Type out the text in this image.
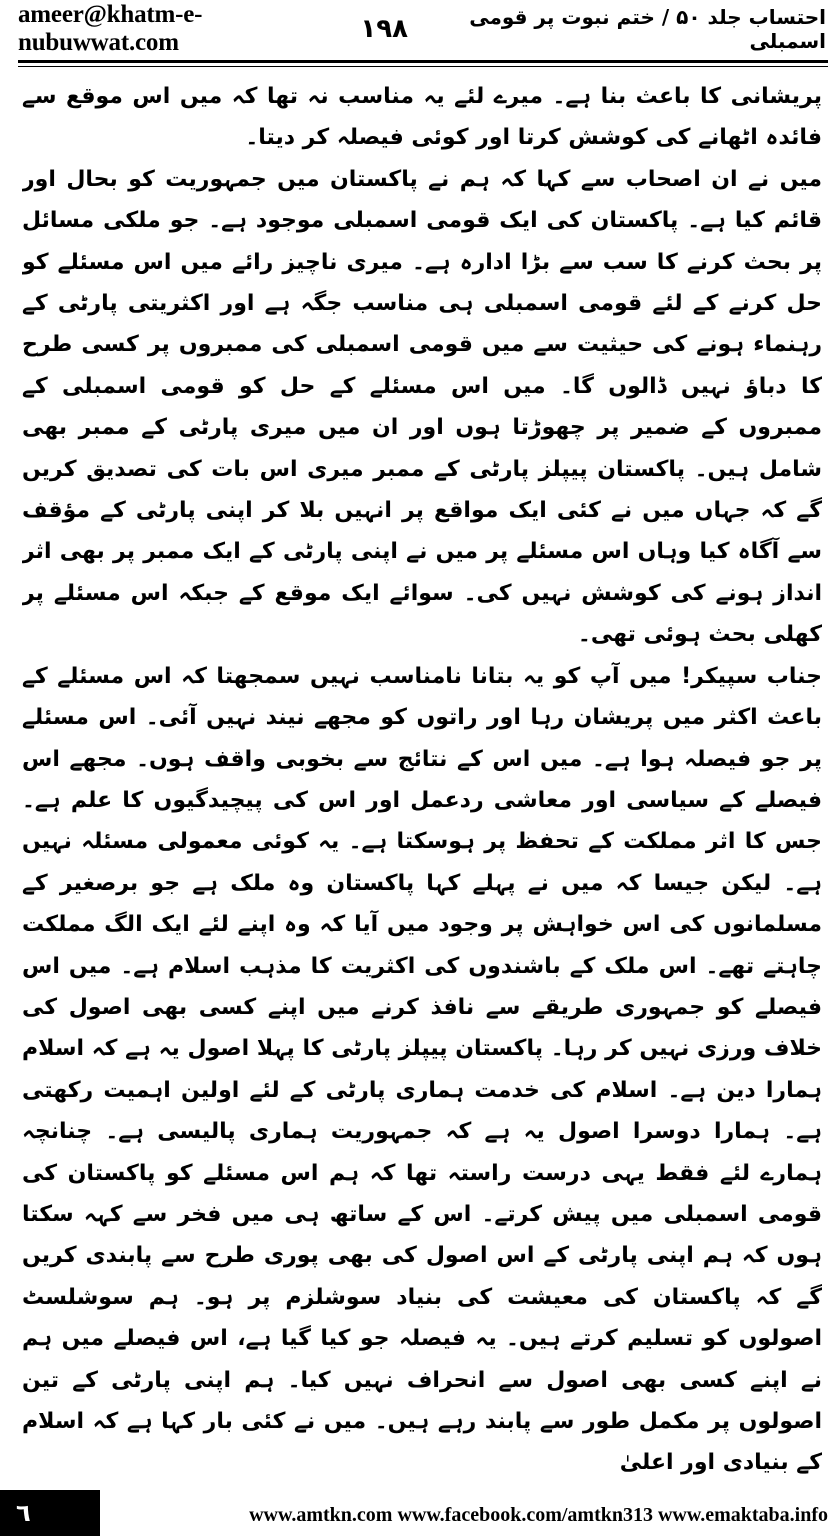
ameer@khatm-e-nubuwwat.com	۱۹۸	احتساب جلد ۵۰ / ختم نبوت پر قومی اسمبلی

پریشانی کا باعث بنا ہے۔ میرے لئے یہ مناسب نہ تھا کہ میں اس موقع سے فائدہ اٹھانے کی کوشش کرتا اور کوئی فیصلہ کر دیتا۔

میں نے ان اصحاب سے کہا کہ ہم نے پاکستان میں جمہوریت کو بحال اور قائم کیا ہے۔ پاکستان کی ایک قومی اسمبلی موجود ہے۔ جو ملکی مسائل پر بحث کرنے کا سب سے بڑا ادارہ ہے۔ میری ناچیز رائے میں اس مسئلے کو حل کرنے کے لئے قومی اسمبلی ہی مناسب جگہ ہے اور اکثریتی پارٹی کے رہنماء ہونے کی حیثیت سے میں قومی اسمبلی کی ممبروں پر کسی طرح کا دباؤ نہیں ڈالوں گا۔ میں اس مسئلے کے حل کو قومی اسمبلی کے ممبروں کے ضمیر پر چھوڑتا ہوں اور ان میں میری پارٹی کے ممبر بھی شامل ہیں۔ پاکستان پیپلز پارٹی کے ممبر میری اس بات کی تصدیق کریں گے کہ جہاں میں نے کئی ایک مواقع پر انہیں بلا کر اپنی پارٹی کے مؤقف سے آگاہ کیا وہاں اس مسئلے پر میں نے اپنی پارٹی کے ایک ممبر پر بھی اثر انداز ہونے کی کوشش نہیں کی۔ سوائے ایک موقع کے جبکہ اس مسئلے پر کھلی بحث ہوئی تھی۔

جناب سپیکر! میں آپ کو یہ بتانا نامناسب نہیں سمجھتا کہ اس مسئلے کے باعث اکثر میں پریشان رہا اور راتوں کو مجھے نیند نہیں آئی۔ اس مسئلے پر جو فیصلہ ہوا ہے۔ میں اس کے نتائج سے بخوبی واقف ہوں۔ مجھے اس فیصلے کے سیاسی اور معاشی ردعمل اور اس کی پیچیدگیوں کا علم ہے۔ جس کا اثر مملکت کے تحفظ پر ہوسکتا ہے۔ یہ کوئی معمولی مسئلہ نہیں ہے۔ لیکن جیسا کہ میں نے پہلے کہا پاکستان وہ ملک ہے جو برصغیر کے مسلمانوں کی اس خواہش پر وجود میں آیا کہ وہ اپنے لئے ایک الگ مملکت چاہتے تھے۔ اس ملک کے باشندوں کی اکثریت کا مذہب اسلام ہے۔ میں اس فیصلے کو جمہوری طریقے سے نافذ کرنے میں اپنے کسی بھی اصول کی خلاف ورزی نہیں کر رہا۔ پاکستان پیپلز پارٹی کا پہلا اصول یہ ہے کہ اسلام ہمارا دین ہے۔ اسلام کی خدمت ہماری پارٹی کے لئے اولین اہمیت رکھتی ہے۔ ہمارا دوسرا اصول یہ ہے کہ جمہوریت ہماری پالیسی ہے۔ چنانچہ ہمارے لئے فقط یہی درست راستہ تھا کہ ہم اس مسئلے کو پاکستان کی قومی اسمبلی میں پیش کرتے۔ اس کے ساتھ ہی میں فخر سے کہہ سکتا ہوں کہ ہم اپنی پارٹی کے اس اصول کی بھی پوری طرح سے پابندی کریں گے کہ پاکستان کی معیشت کی بنیاد سوشلزم پر ہو۔ ہم سوشلسٹ اصولوں کو تسلیم کرتے ہیں۔ یہ فیصلہ جو کیا گیا ہے، اس فیصلے میں ہم نے اپنے کسی بھی اصول سے انحراف نہیں کیا۔ ہم اپنی پارٹی کے تین اصولوں پر مکمل طور سے پابند رہے ہیں۔ میں نے کئی بار کہا ہے کہ اسلام کے بنیادی اور اعلیٰ

٦	www.amtkn.com www.facebook.com/amtkn313 www.emaktaba.info
